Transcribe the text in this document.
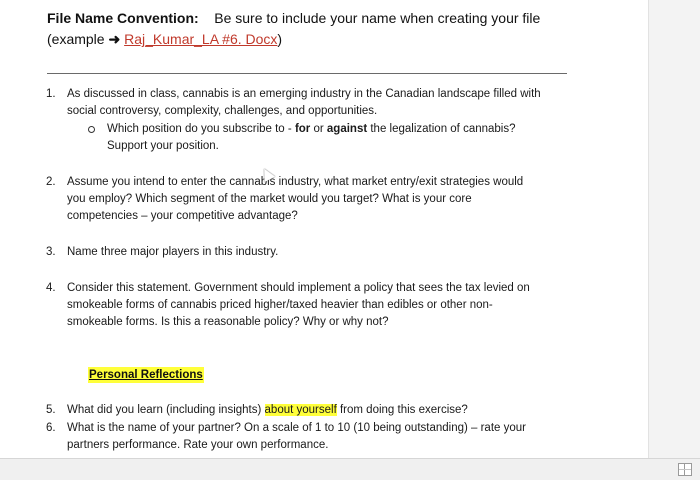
File Name Convention: Be sure to include your name when creating your file
(example ➜ Raj_Kumar_LA #6. Docx)
1. As discussed in class, cannabis is an emerging industry in the Canadian landscape filled with
social controversy, complexity, challenges, and opportunities.
Which position do you subscribe to - for or against the legalization of cannabis?
Support your position.
2. Assume you intend to enter the cannabis industry, what market entry/exit strategies would
you employ? Which segment of the market would you target? What is your core
competencies – your competitive advantage?
3. Name three major players in this industry.
4. Consider this statement. Government should implement a policy that sees the tax levied on
smokeable forms of cannabis priced higher/taxed heavier than edibles or other non-
smokeable forms. Is this a reasonable policy? Why or why not?
Personal Reflections
5. What did you learn (including insights) about yourself from doing this exercise?
6. What is the name of your partner? On a scale of 1 to 10 (10 being outstanding) – rate your
partners performance. Rate your own performance.
